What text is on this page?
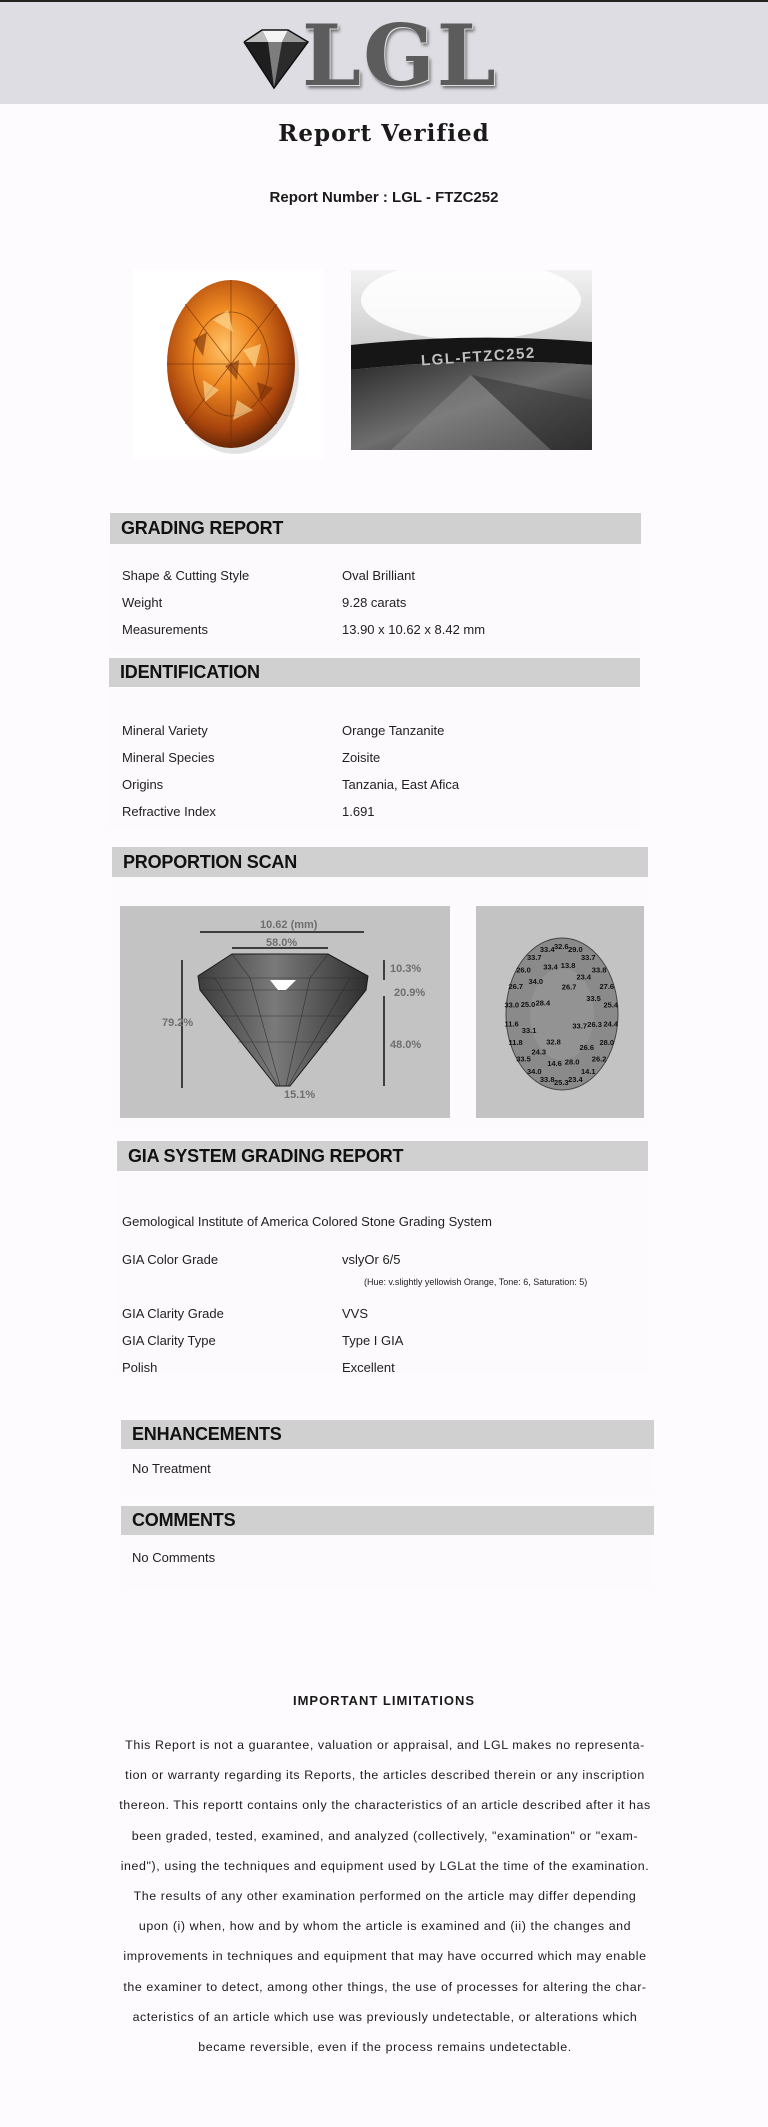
LGL
Report Verified
Report Number : LGL - FTZC252
LGL-FTZC252
GRADING REPORT
Shape & Cutting Style	Oval Brilliant
Weight	9.28 carats
Measurements	13.90 x 10.62 x 8.42 mm
IDENTIFICATION
Mineral Variety	Orange Tanzanite
Mineral Species	Zoisite
Origins	Tanzania, East Afica
Refractive Index	1.691
PROPORTION SCAN
10.62 (mm)
58.0%
79.2%
10.3%
20.9%
48.0%
15.1%
32.6 29.0
33.7
33.8
27.6
25.4
24.4
28.0
26.2
14.1
23.4
25.3
33.8
34.0
33.5
11.8
11.6
33.0
26.7
26.0
33.7
33.4
13.8
23.4
33.5
26.3
26.6
28.0
14.6
24.3
33.1
25.0
34.0
33.4
26.7
33.7
32.8
28.4
GIA SYSTEM GRADING REPORT
Gemological Institute of America Colored Stone Grading System
GIA Color Grade	vslyOr 6/5
(Hue: v.slightly yellowish Orange, Tone: 6, Saturation: 5)
GIA Clarity Grade	VVS
GIA Clarity Type	Type I GIA
Polish	Excellent
ENHANCEMENTS
No Treatment
COMMENTS
No Comments
IMPORTANT LIMITATIONS
This Report is not a guarantee, valuation or appraisal, and LGL makes no representa-
tion or warranty regarding its Reports, the articles described therein or any inscription
thereon. This reportt contains only the characteristics of an article described after it has
been graded, tested, examined, and analyzed (collectively, "examination" or "exam-
ined"), using the techniques and equipment used by LGLat the time of the examination.
The results of any other examination performed on the article may differ depending
upon (i) when, how and by whom the article is examined and (ii) the changes and
improvements in techniques and equipment that may have occurred which may enable
the examiner to detect, among other things, the use of processes for altering the char-
acteristics of an article which use was previously undetectable, or alterations which
became reversible, even if the process remains undetectable.
